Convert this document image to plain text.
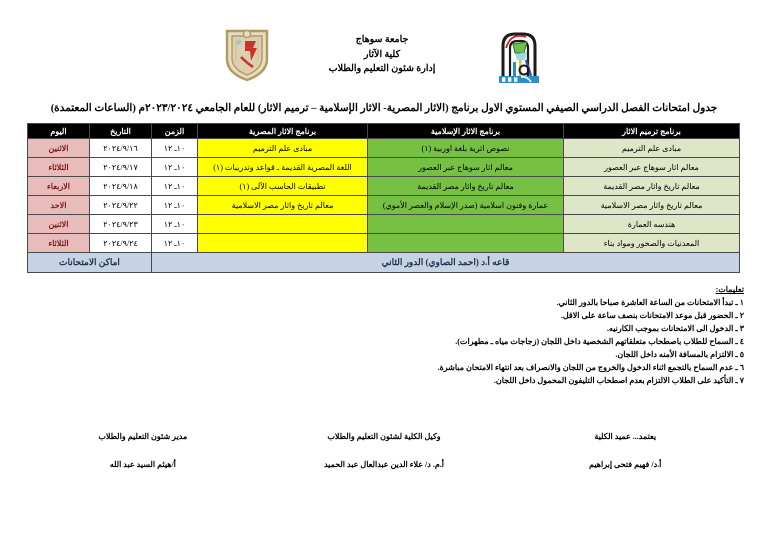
جامعة سوهاج
كلية الآثار
إدارة شئون التعليم والطلاب
جدول امتحانات الفصل الدراسي الصيفي المستوي الاول برنامج (الاثار المصرية- الاثار الإسلامية – ترميم الاثار) للعام الجامعي ٢٠٢٣/٢٠٢٤م (الساعات المعتمدة)
برنامج ترميم الاثار	برنامج الاثار الإسلامية	برنامج الاثار المصرية	الزمن	التاريخ	اليوم
مبادى علم الترميم	نصوص اثرية بلغة اوربية (١)	مبادى علم الترميم	١٠ـ ١٢	٢٠٢٤/٩/١٦	الاثنين
معالم اثار سوهاج عبر العصور	معالم اثار سوهاج عبر العصور	اللغة المصرية القديمة ـ قواعد وتدريبات (١)	١٠ـ ١٢	٢٠٢٤/٩/١٧	الثلاثاء
معالم تاريخ واثار مصر القديمة	معالم تاريخ واثار مصر القديمة	تطبيقات الحاسب الآلى (١)	١٠ـ ١٢	٢٠٢٤/٩/١٨	الاربعاء
معالم تاريخ واثار مصر الاسلامية	عمارة وفنون اسلامية (صدر الإسلام والعصر الأموي)	معالم تاريخ واثار مصر الاسلامية	١٠ـ ١٢	٢٠٢٤/٩/٢٢	الاحد
هندسه العمارة			١٠ـ ١٢	٢٠٢٤/٩/٢٣	الاثنين
المعدنيات والصخور ومواد بناء			١٠ـ ١٢	٢٠٢٤/٩/٢٤	الثلاثاء
قاعه أ.د (احمد الصاوي) الدور الثاني				اماكن الامتحانات	
تعليمات:
١ ـ تبدأ الامتحانات من الساعة العاشرة صباحا بالدور الثاني.
٢ ـ الحضور قبل موعد الامتحانات بنصف ساعة على الاقل.
٣ ـ الدخول الى الامتحانات بموجب الكارنيه.
٤ ـ السماح للطلاب باصطحاب متعلقاتهم الشخصية داخل اللجان (زجاجات مياه ـ مطهرات).
٥ ـ الالتزام بالمسافة الأمنه داخل اللجان.
٦ ـ عدم السماح بالتجمع اثناء الدخول والخروج من اللجان والانصراف بعد انتهاء الامتحان مباشرة.
٧ ـ التأكيد على الطلاب الالتزام بعدم اصطحاب التليفون المحمول داخل اللجان.
يعتمد... عميد الكلية
أ.د/ فهيم فتحى إبراهيم
وكيل الكلية لشئون التعليم والطلاب
أ.م. د/ علاء الدين عبدالعال عبد الحميد
مدير شئون التعليم والطلاب
أ/هيثم السيد عبد الله
